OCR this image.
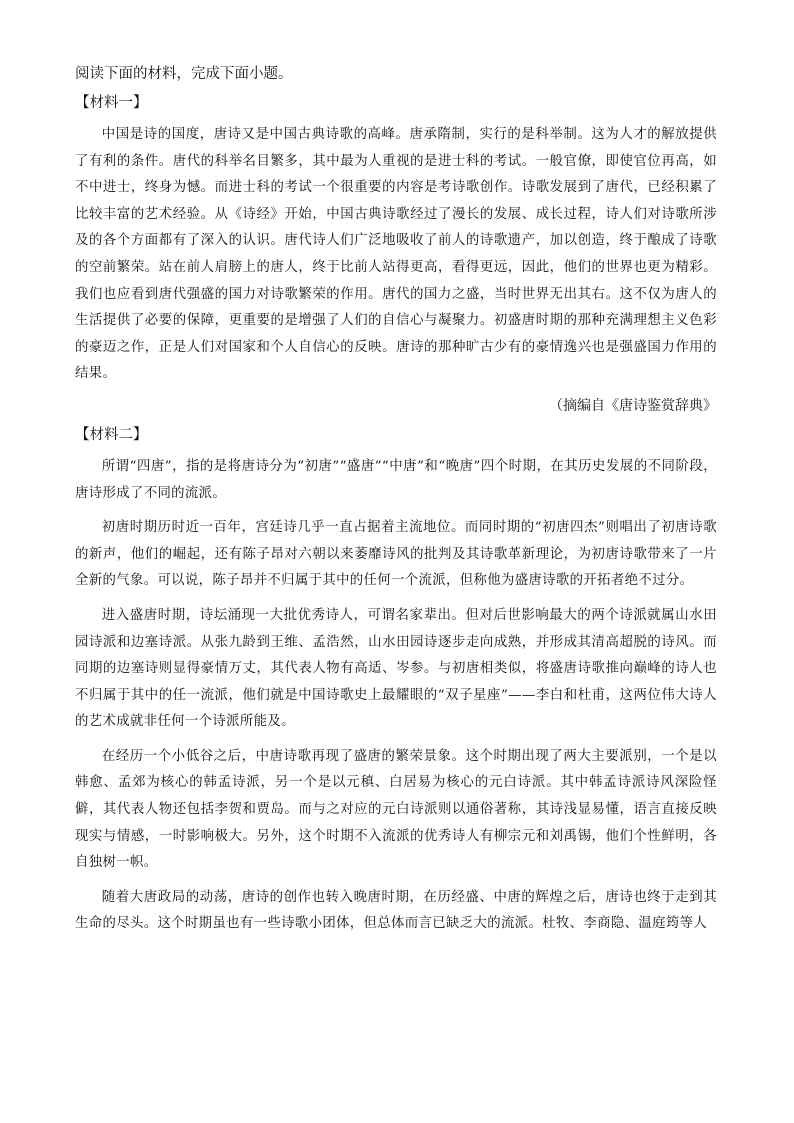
阅读下面的材料，完成下面小题。

【材料一】

中国是诗的国度，唐诗又是中国古典诗歌的高峰。唐承隋制，实行的是科举制。这为人才的解放提供了有利的条件。唐代的科举名目繁多，其中最为人重视的是进士科的考试。一般官僚，即使官位再高，如不中进士，终身为憾。而进士科的考试一个很重要的内容是考诗歌创作。诗歌发展到了唐代，已经积累了比较丰富的艺术经验。从《诗经》开始，中国古典诗歌经过了漫长的发展、成长过程，诗人们对诗歌所涉及的各个方面都有了深入的认识。唐代诗人们广泛地吸收了前人的诗歌遗产，加以创造，终于酿成了诗歌的空前繁荣。站在前人肩膀上的唐人，终于比前人站得更高，看得更远，因此，他们的世界也更为精彩。我们也应看到唐代强盛的国力对诗歌繁荣的作用。唐代的国力之盛，当时世界无出其右。这不仅为唐人的生活提供了必要的保障，更重要的是增强了人们的自信心与凝聚力。初盛唐时期的那种充满理想主义色彩的豪迈之作，正是人们对国家和个人自信心的反映。唐诗的那种旷古少有的豪情逸兴也是强盛国力作用的结果。

（摘编自《唐诗鉴赏辞典》

【材料二】

所谓“四唐”，指的是将唐诗分为“初唐”“盛唐”“中唐”和“晚唐”四个时期，在其历史发展的不同阶段，唐诗形成了不同的流派。

初唐时期历时近一百年，宫廷诗几乎一直占据着主流地位。而同时期的“初唐四杰”则唱出了初唐诗歌的新声，他们的崛起，还有陈子昂对六朝以来萎靡诗风的批判及其诗歌革新理论，为初唐诗歌带来了一片全新的气象。可以说，陈子昂并不归属于其中的任何一个流派，但称他为盛唐诗歌的开拓者绝不过分。

进入盛唐时期，诗坛涌现一大批优秀诗人，可谓名家辈出。但对后世影响最大的两个诗派就属山水田园诗派和边塞诗派。从张九龄到王维、孟浩然，山水田园诗逐步走向成熟，并形成其清高超脱的诗风。而同期的边塞诗则显得豪情万丈，其代表人物有高适、岑参。与初唐相类似，将盛唐诗歌推向巅峰的诗人也不归属于其中的任一流派，他们就是中国诗歌史上最耀眼的“双子星座”——李白和杜甫，这两位伟大诗人的艺术成就非任何一个诗派所能及。

在经历一个小低谷之后，中唐诗歌再现了盛唐的繁荣景象。这个时期出现了两大主要派别，一个是以韩愈、孟郊为核心的韩孟诗派，另一个是以元稹、白居易为核心的元白诗派。其中韩孟诗派诗风深险怪僻，其代表人物还包括李贺和贾岛。而与之对应的元白诗派则以通俗著称，其诗浅显易懂，语言直接反映现实与情感，一时影响极大。另外，这个时期不入流派的优秀诗人有柳宗元和刘禹锡，他们个性鲜明，各自独树一帜。

随着大唐政局的动荡，唐诗的创作也转入晚唐时期，在历经盛、中唐的辉煌之后，唐诗也终于走到其生命的尽头。这个时期虽也有一些诗歌小团体，但总体而言已缺乏大的流派。杜牧、李商隐、温庭筠等人
